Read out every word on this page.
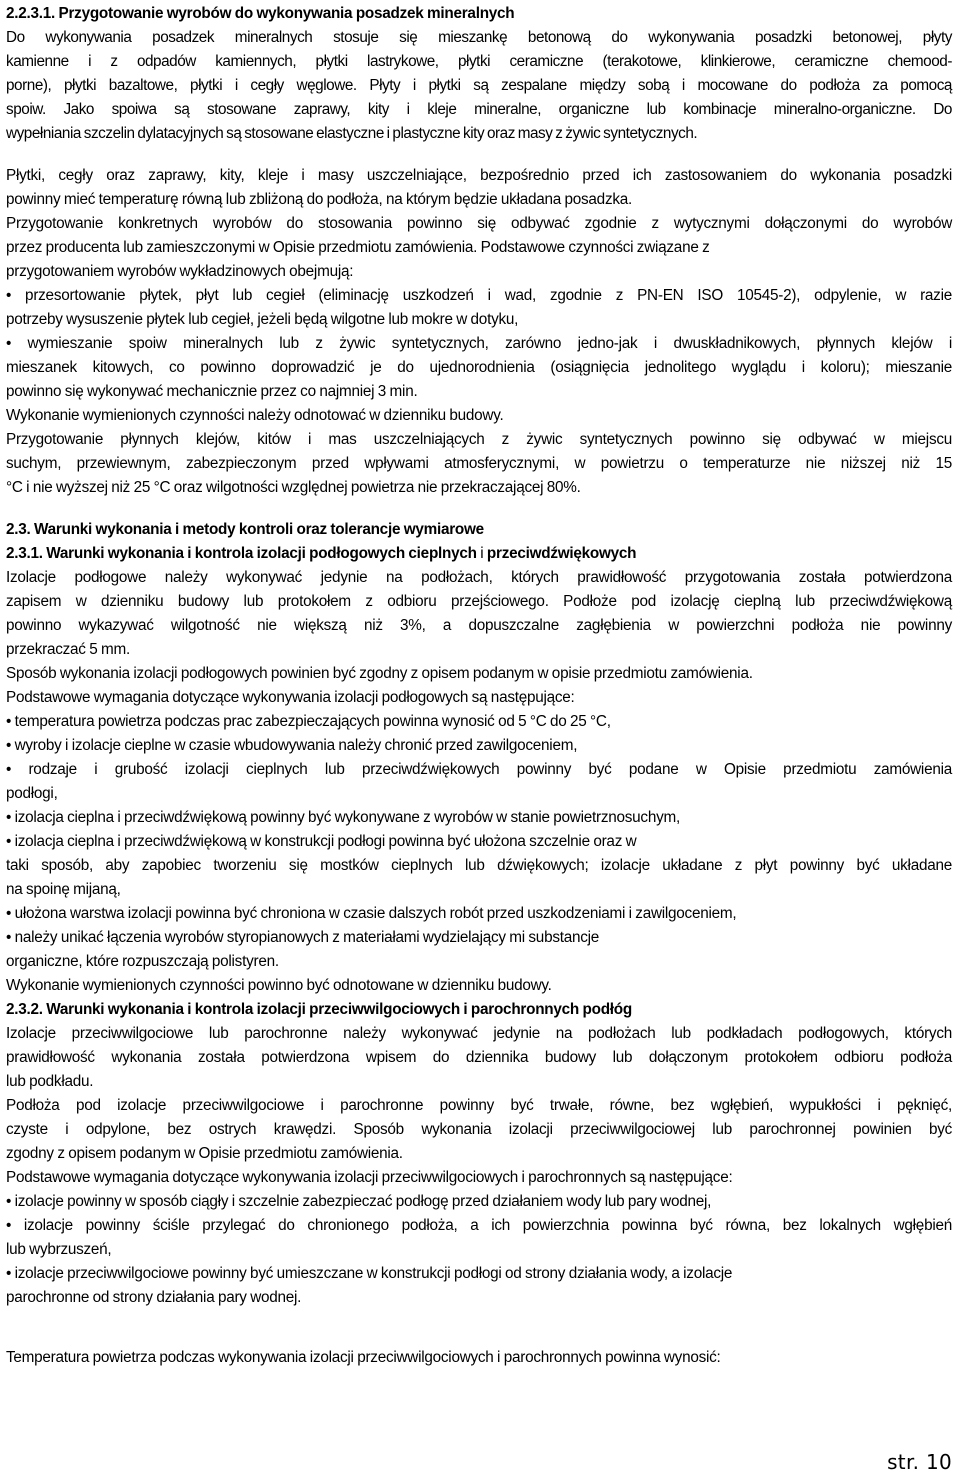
2.2.3.1. Przygotowanie wyrobów do wykonywania posadzek mineralnych
Do wykonywania posadzek mineralnych stosuje się mieszankę betonową do wykonywania posadzki betonowej, płyty
kamienne i z odpadów kamiennych, płytki lastrykowe, płytki ceramiczne (terakotowe, klinkierowe, ceramiczne chemood-
porne), płytki bazaltowe, płytki i cegły węglowe. Płyty i płytki są zespalane między sobą i mocowane do podłoża za pomocą
spoiw. Jako spoiwa są stosowane zaprawy, kity i kleje mineralne, organiczne lub kombinacje mineralno-organiczne. Do
wypełniania szczelin dylatacyjnych są stosowane elastyczne i plastyczne kity oraz masy z żywic syntetycznych.
Płytki, cegły oraz zaprawy, kity, kleje i masy uszczelniające, bezpośrednio przed ich zastosowaniem do wykonania posadzki
powinny mieć temperaturę równą lub zbliżoną do podłoża, na którym będzie układana posadzka.
Przygotowanie konkretnych wyrobów do stosowania powinno się odbywać zgodnie z wytycznymi dołączonymi do wyrobów
przez producenta lub zamieszczonymi w Opisie przedmiotu zamówienia. Podstawowe czynności związane z
przygotowaniem wyrobów wykładzinowych obejmują:
• przesortowanie płytek, płyt lub cegieł (eliminację uszkodzeń i wad, zgodnie z PN-EN ISO 10545-2), odpylenie, w razie
potrzeby wysuszenie płytek lub cegieł, jeżeli będą wilgotne lub mokre w dotyku,
• wymieszanie spoiw mineralnych lub z żywic syntetycznych, zarówno jedno-jak i dwuskładnikowych, płynnych klejów i
mieszanek kitowych, co powinno doprowadzić je do ujednorodnienia (osiągnięcia jednolitego wyglądu i koloru); mieszanie
powinno się wykonywać mechanicznie przez co najmniej 3 min.
Wykonanie wymienionych czynności należy odnotować w dzienniku budowy.
Przygotowanie płynnych klejów, kitów i mas uszczelniających z żywic syntetycznych powinno się odbywać w miejscu
suchym, przewiewnym, zabezpieczonym przed wpływami atmosferycznymi, w powietrzu o temperaturze nie niższej niż 15
°C i nie wyższej niż 25 °C oraz wilgotności względnej powietrza nie przekraczającej 80%.
2.3. Warunki wykonania i metody kontroli oraz tolerancje wymiarowe
2.3.1. Warunki wykonania i kontrola izolacji podłogowych cieplnych i przeciwdźwiękowych
Izolacje podłogowe należy wykonywać jedynie na podłożach, których prawidłowość przygotowania została potwierdzona
zapisem w dzienniku budowy lub protokołem z odbioru przejściowego. Podłoże pod izolację cieplną lub przeciwdźwiękową
powinno wykazywać wilgotność nie większą niż 3%, a dopuszczalne zagłębienia w powierzchni podłoża nie powinny
przekraczać 5 mm.
Sposób wykonania izolacji podłogowych powinien być zgodny z opisem podanym w opisie przedmiotu zamówienia.
Podstawowe wymagania dotyczące wykonywania izolacji podłogowych są następujące:
• temperatura powietrza podczas prac zabezpieczających powinna wynosić od 5 °C do 25 °C,
• wyroby i izolacje cieplne w czasie wbudowywania należy chronić przed zawilgoceniem,
• rodzaje i grubość izolacji cieplnych lub przeciwdźwiękowych powinny być podane w Opisie przedmiotu zamówienia
podłogi,
• izolacja cieplna i przeciwdźwiękową powinny być wykonywane z wyrobów w stanie powietrznosuchym,
• izolacja cieplna i przeciwdźwiękową w konstrukcji podłogi powinna być ułożona szczelnie oraz w
taki sposób, aby zapobiec tworzeniu się mostków cieplnych lub dźwiękowych; izolacje układane z płyt powinny być układane
na spoinę mijaną,
• ułożona warstwa izolacji powinna być chroniona w czasie dalszych robót przed uszkodzeniami i zawilgoceniem,
• należy unikać łączenia wyrobów styropianowych z materiałami wydzielający mi substancje
organiczne, które rozpuszczają polistyren.
Wykonanie wymienionych czynności powinno być odnotowane w dzienniku budowy.
2.3.2. Warunki wykonania i kontrola izolacji przeciwwilgociowych i parochronnych podłóg
Izolacje przeciwwilgociowe lub parochronne należy wykonywać jedynie na podłożach lub podkładach podłogowych, których
prawidłowość wykonania została potwierdzona wpisem do dziennika budowy lub dołączonym protokołem odbioru podłoża
lub podkładu.
Podłoża pod izolacje przeciwwilgociowe i parochronne powinny być trwałe, równe, bez wgłębień, wypukłości i pęknięć,
czyste i odpylone, bez ostrych krawędzi. Sposób wykonania izolacji przeciwwilgociowej lub parochronnej powinien być
zgodny z opisem podanym w Opisie przedmiotu zamówienia.
Podstawowe wymagania dotyczące wykonywania izolacji przeciwwilgociowych i parochronnych są następujące:
• izolacje powinny w sposób ciągły i szczelnie zabezpieczać podłogę przed działaniem wody lub pary wodnej,
• izolacje powinny ściśle przylegać do chronionego podłoża, a ich powierzchnia powinna być równa, bez lokalnych wgłębień
lub wybrzuszeń,
• izolacje przeciwwilgociowe powinny być umieszczane w konstrukcji podłogi od strony działania wody, a izolacje
parochronne od strony działania pary wodnej.
Temperatura powietrza podczas wykonywania izolacji przeciwwilgociowych i parochronnych powinna wynosić:
str. 10
